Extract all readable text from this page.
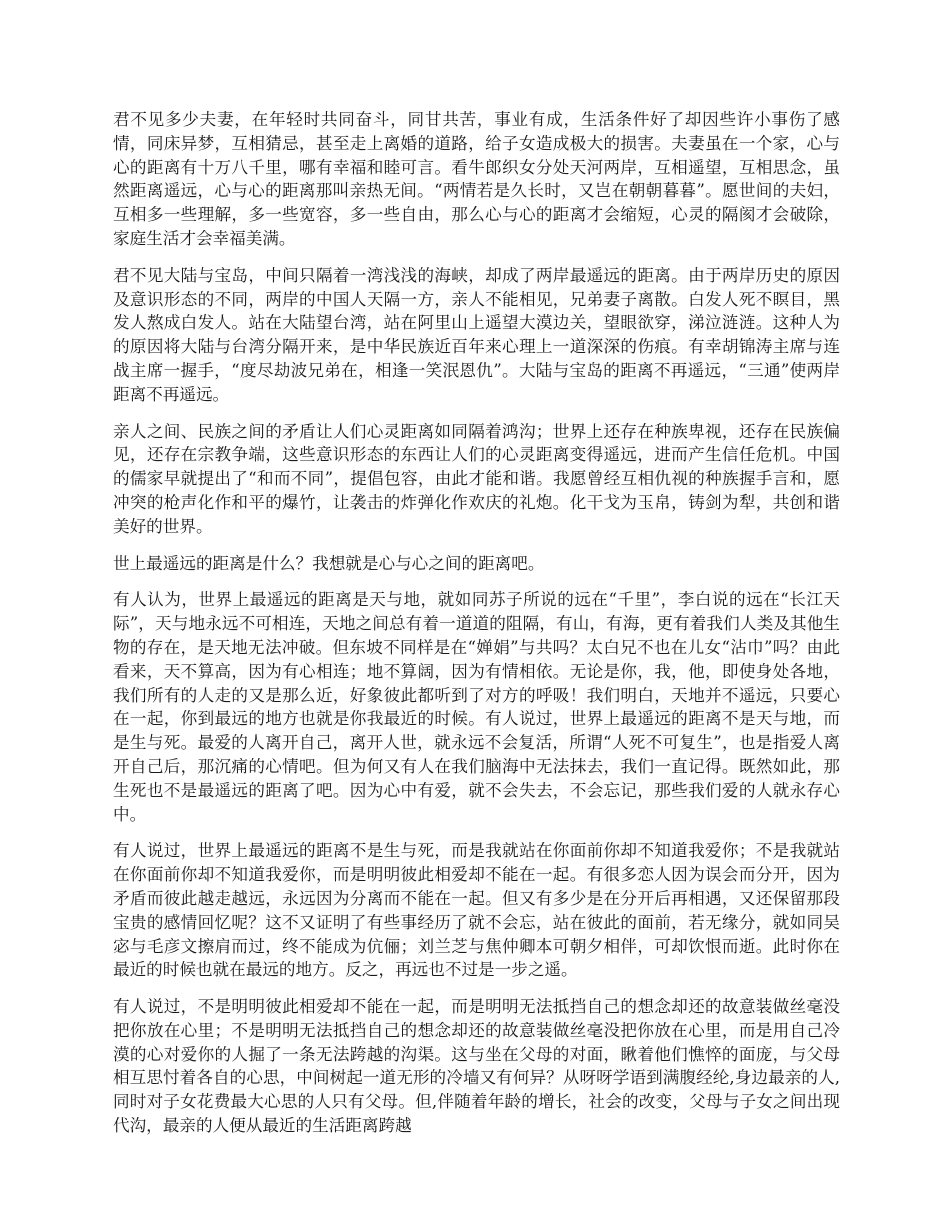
君不见多少夫妻，在年轻时共同奋斗，同甘共苦，事业有成，生活条件好了却因些许小事伤了感情，同床异梦，互相猜忌，甚至走上离婚的道路，给子女造成极大的损害。夫妻虽在一个家，心与心的距离有十万八千里，哪有幸福和睦可言。看牛郎织女分处天河两岸，互相遥望，互相思念，虽然距离遥远，心与心的距离那叫亲热无间。“两情若是久长时，又岂在朝朝暮暮”。愿世间的夫妇，互相多一些理解，多一些宽容，多一些自由，那么心与心的距离才会缩短，心灵的隔阂才会破除，家庭生活才会幸福美满。

君不见大陆与宝岛，中间只隔着一湾浅浅的海峡，却成了两岸最遥远的距离。由于两岸历史的原因及意识形态的不同，两岸的中国人天隔一方，亲人不能相见，兄弟妻子离散。白发人死不瞑目，黑发人熬成白发人。站在大陆望台湾，站在阿里山上遥望大漠边关，望眼欲穿，涕泣涟涟。这种人为的原因将大陆与台湾分隔开来，是中华民族近百年来心理上一道深深的伤痕。有幸胡锦涛主席与连战主席一握手，“度尽劫波兄弟在，相逢一笑泯恩仇”。大陆与宝岛的距离不再遥远，“三通”使两岸距离不再遥远。

亲人之间、民族之间的矛盾让人们心灵距离如同隔着鸿沟；世界上还存在种族卑视，还存在民族偏见，还存在宗教争端，这些意识形态的东西让人们的心灵距离变得遥远，进而产生信任危机。中国的儒家早就提出了“和而不同”，提倡包容，由此才能和谐。我愿曾经互相仇视的种族握手言和，愿冲突的枪声化作和平的爆竹，让袭击的炸弹化作欢庆的礼炮。化干戈为玉帛，铸剑为犁，共创和谐美好的世界。

世上最遥远的距离是什么？我想就是心与心之间的距离吧。

有人认为，世界上最遥远的距离是天与地，就如同苏子所说的远在“千里”，李白说的远在“长江天际”，天与地永远不可相连，天地之间总有着一道道的阻隔，有山，有海，更有着我们人类及其他生物的存在，是天地无法冲破。但东坡不同样是在“婵娟”与共吗？太白兄不也在儿女“沾巾”吗？由此看来，天不算高，因为有心相连；地不算阔，因为有情相依。无论是你，我，他，即使身处各地，我们所有的人走的又是那么近，好象彼此都听到了对方的呼吸！我们明白，天地并不遥远，只要心在一起，你到最远的地方也就是你我最近的时候。有人说过，世界上最遥远的距离不是天与地，而是生与死。最爱的人离开自己，离开人世，就永远不会复活，所谓“人死不可复生”，也是指爱人离开自己后，那沉痛的心情吧。但为何又有人在我们脑海中无法抹去，我们一直记得。既然如此，那生死也不是最遥远的距离了吧。因为心中有爱，就不会失去，不会忘记，那些我们爱的人就永存心中。

有人说过，世界上最遥远的距离不是生与死，而是我就站在你面前你却不知道我爱你；不是我就站在你面前你却不知道我爱你，而是明明彼此相爱却不能在一起。有很多恋人因为误会而分开，因为矛盾而彼此越走越远，永远因为分离而不能在一起。但又有多少是在分开后再相遇，又还保留那段宝贵的感情回忆呢？这不又证明了有些事经历了就不会忘，站在彼此的面前，若无缘分，就如同吴宓与毛彦文擦肩而过，终不能成为伉俪；刘兰芝与焦仲卿本可朝夕相伴，可却饮恨而逝。此时你在最近的时候也就在最远的地方。反之，再远也不过是一步之遥。

有人说过，不是明明彼此相爱却不能在一起，而是明明无法抵挡自己的想念却还的故意装做丝毫没把你放在心里；不是明明无法抵挡自己的想念却还的故意装做丝毫没把你放在心里，而是用自己冷漠的心对爱你的人掘了一条无法跨越的沟渠。这与坐在父母的对面，瞅着他们憔悴的面庞，与父母相互思忖着各自的心思，中间树起一道无形的冷墙又有何异？从呀呀学语到满腹经纶,身边最亲的人,同时对子女花费最大心思的人只有父母。但,伴随着年龄的增长，社会的改变，父母与子女之间出现代沟，最亲的人便从最近的生活距离跨越
